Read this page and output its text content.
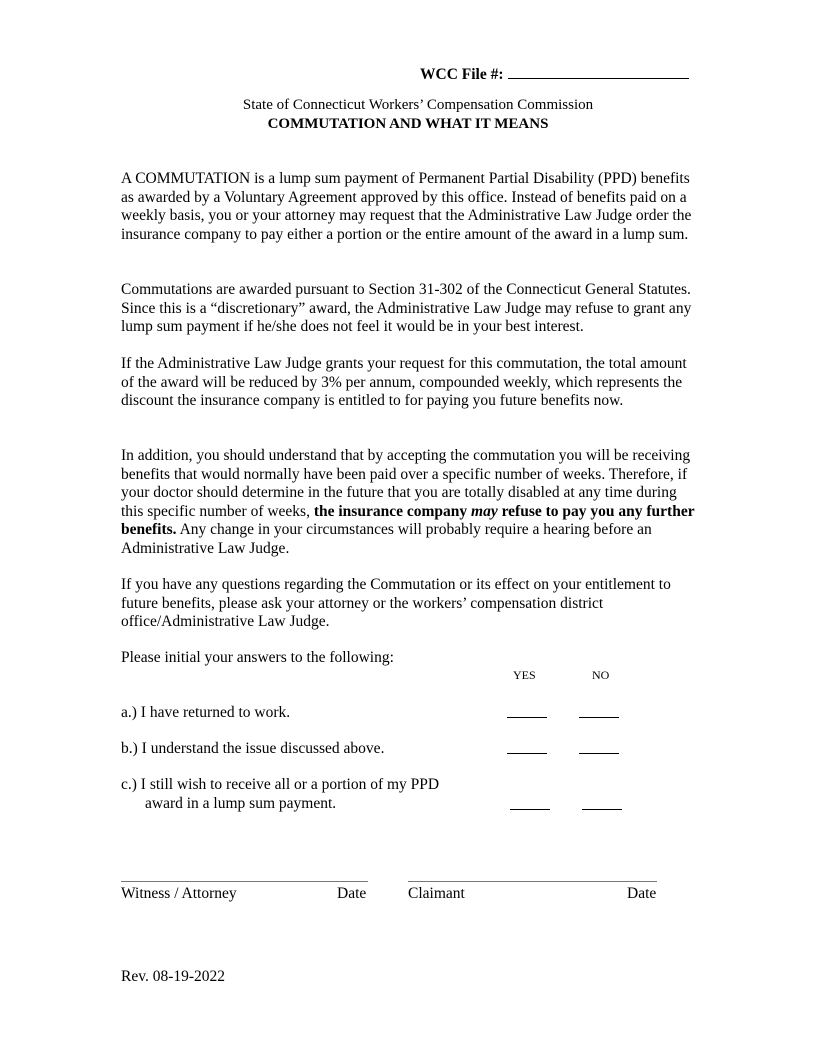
WCC File #:
State of Connecticut Workers’ Compensation Commission
COMMUTATION AND WHAT IT MEANS

A COMMUTATION is a lump sum payment of Permanent Partial Disability (PPD) benefits as awarded by a Voluntary Agreement approved by this office. Instead of benefits paid on a weekly basis, you or your attorney may request that the Administrative Law Judge order the insurance company to pay either a portion or the entire amount of the award in a lump sum.

Commutations are awarded pursuant to Section 31-302 of the Connecticut General Statutes. Since this is a “discretionary” award, the Administrative Law Judge may refuse to grant any lump sum payment if he/she does not feel it would be in your best interest.

If the Administrative Law Judge grants your request for this commutation, the total amount of the award will be reduced by 3% per annum, compounded weekly, which represents the discount the insurance company is entitled to for paying you future benefits now.

In addition, you should understand that by accepting the commutation you will be receiving benefits that would normally have been paid over a specific number of weeks. Therefore, if your doctor should determine in the future that you are totally disabled at any time during this specific number of weeks, the insurance company may refuse to pay you any further benefits. Any change in your circumstances will probably require a hearing before an Administrative Law Judge.

If you have any questions regarding the Commutation or its effect on your entitlement to future benefits, please ask your attorney or the workers’ compensation district office/Administrative Law Judge.

Please initial your answers to the following:

YES	NO
a.) I have returned to work.
b.) I understand the issue discussed above.
c.) I still wish to receive all or a portion of my PPD
award in a lump sum payment.
Witness / Attorney	Date	Claimant	Date
Rev. 08-19-2022
